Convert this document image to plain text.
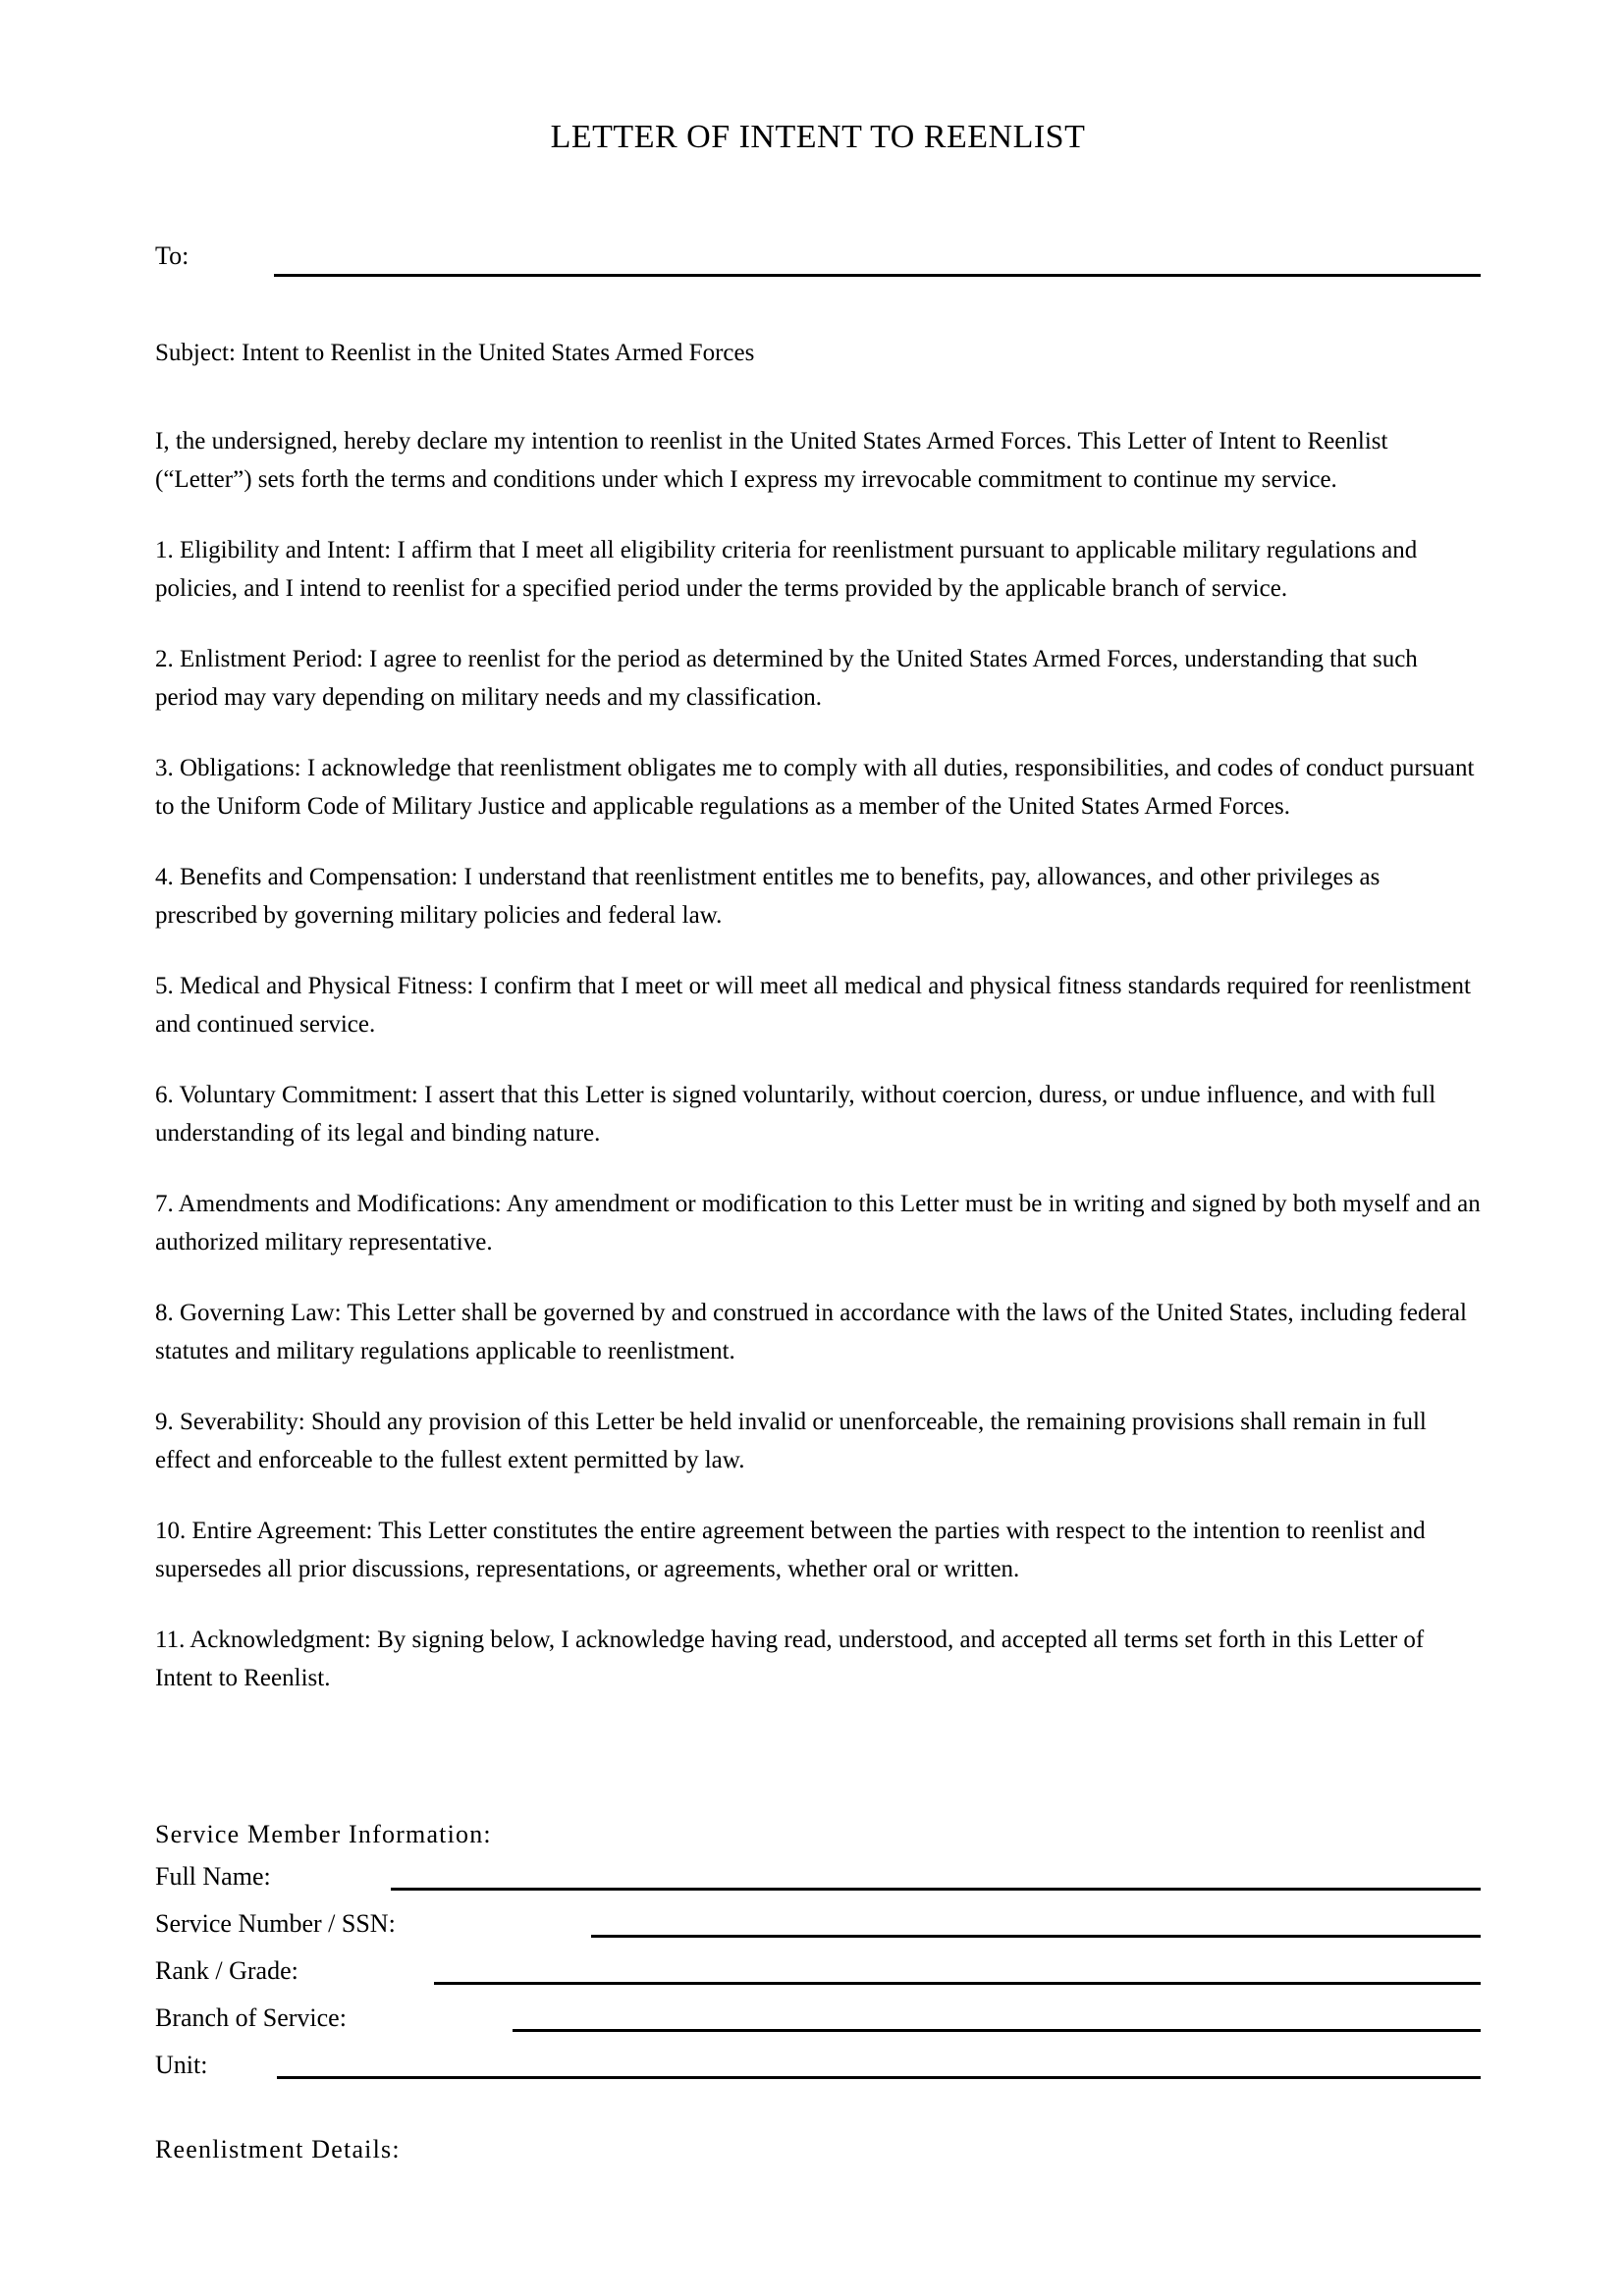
LETTER OF INTENT TO REENLIST
To:

Subject: Intent to Reenlist in the United States Armed Forces

I, the undersigned, hereby declare my intention to reenlist in the United States Armed Forces. This Letter of Intent to Reenlist (“Letter”) sets forth the terms and conditions under which I express my irrevocable commitment to continue my service.

1. Eligibility and Intent: I affirm that I meet all eligibility criteria for reenlistment pursuant to applicable military regulations and policies, and I intend to reenlist for a specified period under the terms provided by the applicable branch of service.

2. Enlistment Period: I agree to reenlist for the period as determined by the United States Armed Forces, understanding that such period may vary depending on military needs and my classification.

3. Obligations: I acknowledge that reenlistment obligates me to comply with all duties, responsibilities, and codes of conduct pursuant to the Uniform Code of Military Justice and applicable regulations as a member of the United States Armed Forces.

4. Benefits and Compensation: I understand that reenlistment entitles me to benefits, pay, allowances, and other privileges as prescribed by governing military policies and federal law.

5. Medical and Physical Fitness: I confirm that I meet or will meet all medical and physical fitness standards required for reenlistment and continued service.

6. Voluntary Commitment: I assert that this Letter is signed voluntarily, without coercion, duress, or undue influence, and with full understanding of its legal and binding nature.

7. Amendments and Modifications: Any amendment or modification to this Letter must be in writing and signed by both myself and an authorized military representative.

8. Governing Law: This Letter shall be governed by and construed in accordance with the laws of the United States, including federal statutes and military regulations applicable to reenlistment.

9. Severability: Should any provision of this Letter be held invalid or unenforceable, the remaining provisions shall remain in full effect and enforceable to the fullest extent permitted by law.

10. Entire Agreement: This Letter constitutes the entire agreement between the parties with respect to the intention to reenlist and supersedes all prior discussions, representations, or agreements, whether oral or written.

11. Acknowledgment: By signing below, I acknowledge having read, understood, and accepted all terms set forth in this Letter of Intent to Reenlist.

Service Member Information:
Full Name:
Service Number / SSN:
Rank / Grade:
Branch of Service:
Unit:
Reenlistment Details:
